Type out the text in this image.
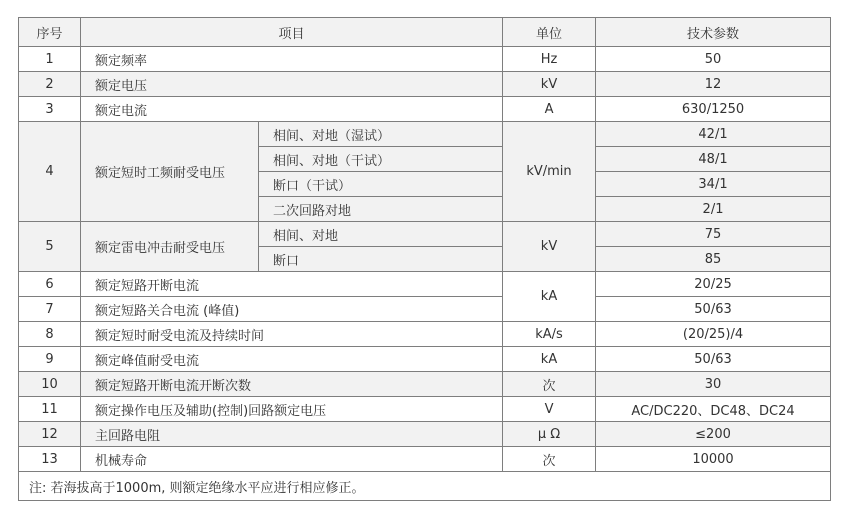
序号	项目		单位	技术参数
1	额定频率		Hz	50
2	额定电压		kV	12
3	额定电流		A	630/1250
4	额定短时工频耐受电压	相间、对地（湿试）	kV/min	42/1
		相间、对地（干试）		48/1
		断口（干试）		34/1
		二次回路对地		2/1
5	额定雷电冲击耐受电压	相间、对地	kV	75
		断口		85
6	额定短路开断电流		kA	20/25
7	额定短路关合电流 (峰值)			50/63
8	额定短时耐受电流及持续时间		kA/s	(20/25)/4
9	额定峰值耐受电流		kA	50/63
10	额定短路开断电流开断次数		次	30
11	额定操作电压及辅助(控制)回路额定电压		V	AC/DC220、DC48、DC24
12	主回路电阻		μ Ω	≤200
13	机械寿命		次	10000
注: 若海拔高于1000m, 则额定绝缘水平应进行相应修正。				
